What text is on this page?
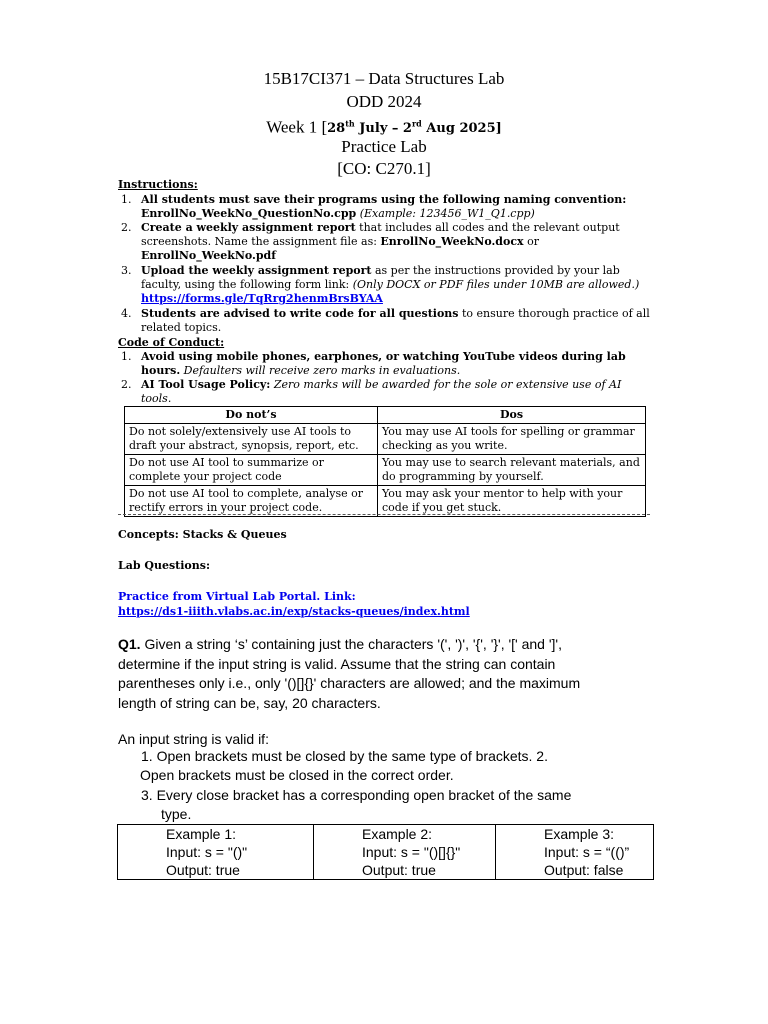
15B17CI371 – Data Structures Lab
ODD 2024
Week 1 [28th July – 2rd Aug 2025]
Practice Lab
[CO: C270.1]
Instructions:
1. All students must save their programs using the following naming convention:
EnrollNo_WeekNo_QuestionNo.cpp (Example: 123456_W1_Q1.cpp)
2. Create a weekly assignment report that includes all codes and the relevant output screenshots. Name the assignment file as: EnrollNo_WeekNo.docx or
EnrollNo_WeekNo.pdf
3. Upload the weekly assignment report as per the instructions provided by your lab faculty, using the following form link: (Only DOCX or PDF files under 10MB are allowed.)
https://forms.gle/TqRrg2henmBrsBYAA
4. Students are advised to write code for all questions to ensure thorough practice of all related topics.
Code of Conduct:
1. Avoid using mobile phones, earphones, or watching YouTube videos during lab hours. Defaulters will receive zero marks in evaluations.
2. AI Tool Usage Policy: Zero marks will be awarded for the sole or extensive use of AI tools.
Do not’s	Dos
Do not solely/extensively use AI tools to draft your abstract, synopsis, report, etc.	You may use AI tools for spelling or grammar checking as you write.
Do not use AI tool to summarize or complete your project code	You may use to search relevant materials, and do programming by yourself.
Do not use AI tool to complete, analyse or rectify errors in your project code.	You may ask your mentor to help with your code if you get stuck.
Concepts: Stacks & Queues
Lab Questions:
Practice from Virtual Lab Portal. Link:
https://ds1-iiith.vlabs.ac.in/exp/stacks-queues/index.html
Q1. Given a string ‘s’ containing just the characters '(', ')', '{', '}', '[' and ']',
determine if the input string is valid. Assume that the string can contain
parentheses only i.e., only '()[]{}' characters are allowed; and the maximum
length of string can be, say, 20 characters.
An input string is valid if:
1. Open brackets must be closed by the same type of brackets. 2.
Open brackets must be closed in the correct order.
3. Every close bracket has a corresponding open bracket of the same
type.
Example 1:
Input: s = "()"
Output: true

Example 2:
Input: s = "()[]{}"
Output: true

Example 3:
Input: s = “(()”
Output: false
